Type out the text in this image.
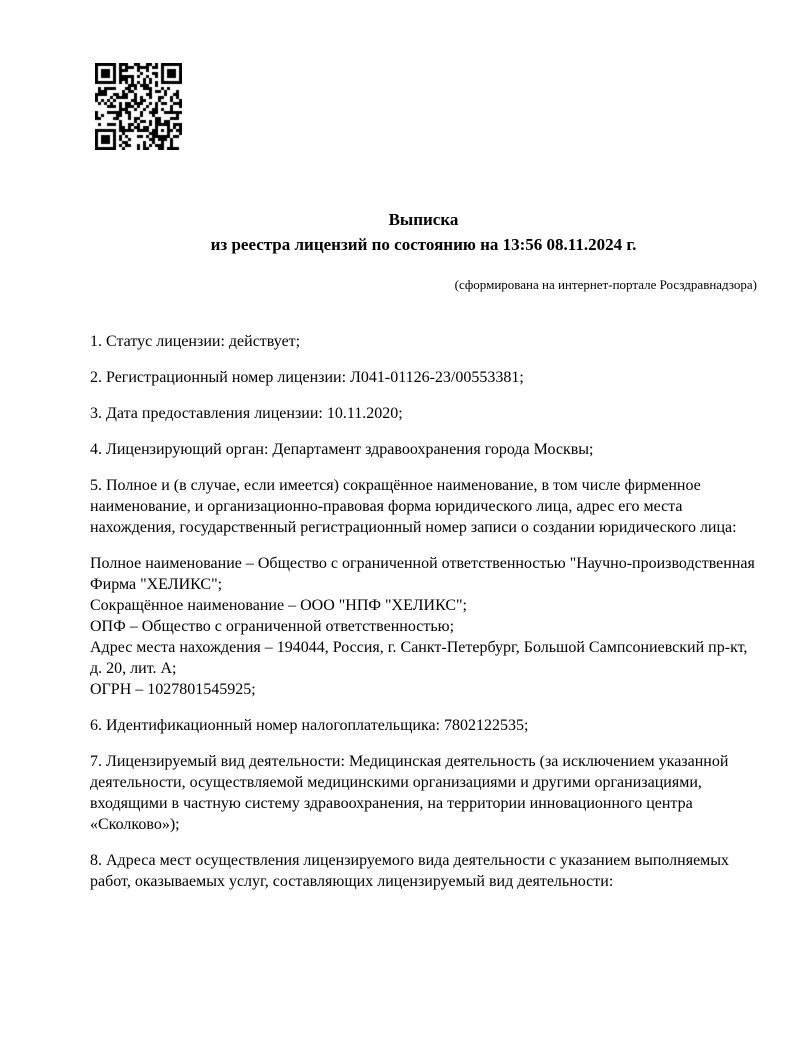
Выписка
из реестра лицензий по состоянию на 13:56 08.11.2024 г.
(сформирована на интернет-портале Росздравнадзора)

1. Статус лицензии: действует;

2. Регистрационный номер лицензии: Л041-01126-23/00553381;

3. Дата предоставления лицензии: 10.11.2020;

4. Лицензирующий орган: Департамент здравоохранения города Москвы;

5. Полное и (в случае, если имеется) сокращённое наименование, в том числе фирменное наименование, и организационно-правовая форма юридического лица, адрес его места нахождения, государственный регистрационный номер записи о создании юридического лица:

Полное наименование – Общество с ограниченной ответственностью "Научно-производственная Фирма "ХЕЛИКС";
Сокращённое наименование – ООО "НПФ "ХЕЛИКС";
ОПФ – Общество с ограниченной ответственностью;
Адрес места нахождения – 194044, Россия, г. Санкт-Петербург, Большой Сампсониевский пр-кт, д. 20, лит. А;
ОГРН – 1027801545925;

6. Идентификационный номер налогоплательщика: 7802122535;

7. Лицензируемый вид деятельности: Медицинская деятельность (за исключением указанной деятельности, осуществляемой медицинскими организациями и другими организациями, входящими в частную систему здравоохранения, на территории инновационного центра «Сколково»);

8. Адреса мест осуществления лицензируемого вида деятельности с указанием выполняемых работ, оказываемых услуг, составляющих лицензируемый вид деятельности:
